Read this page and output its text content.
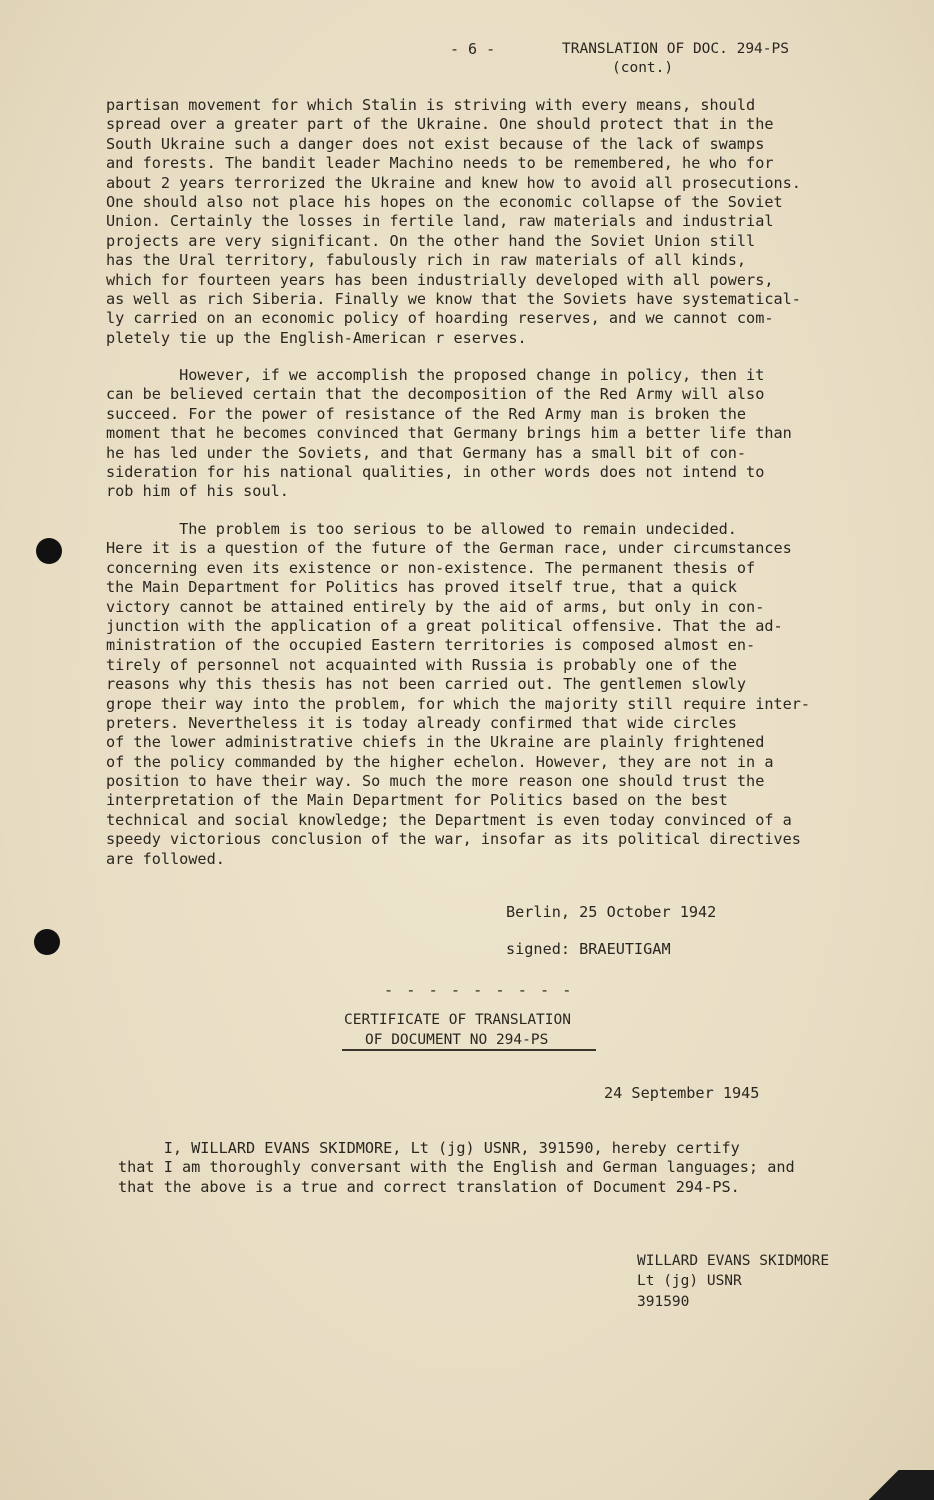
- 6 -	TRANSLATION OF DOC. 294-PS
(cont.)
partisan movement for which Stalin is striving with every means, should
spread over a greater part of the Ukraine. One should protect that in the
South Ukraine such a danger does not exist because of the lack of swamps
and forests. The bandit leader Machino needs to be remembered, he who for
about 2 years terrorized the Ukraine and knew how to avoid all prosecutions.
One should also not place his hopes on the economic collapse of the Soviet
Union. Certainly the losses in fertile land, raw materials and industrial
projects are very significant. On the other hand the Soviet Union still
has the Ural territory, fabulously rich in raw materials of all kinds,
which for fourteen years has been industrially developed with all powers,
as well as rich Siberia. Finally we know that the Soviets have systematical-
ly carried on an economic policy of hoarding reserves, and we cannot com-
pletely tie up the English-American r eserves.
However, if we accomplish the proposed change in policy, then it
can be believed certain that the decomposition of the Red Army will also
succeed. For the power of resistance of the Red Army man is broken the
moment that he becomes convinced that Germany brings him a better life than
he has led under the Soviets, and that Germany has a small bit of con-
sideration for his national qualities, in other words does not intend to
rob him of his soul.
The problem is too serious to be allowed to remain undecided.
Here it is a question of the future of the German race, under circumstances
concerning even its existence or non-existence. The permanent thesis of
the Main Department for Politics has proved itself true, that a quick
victory cannot be attained entirely by the aid of arms, but only in con-
junction with the application of a great political offensive. That the ad-
ministration of the occupied Eastern territories is composed almost en-
tirely of personnel not acquainted with Russia is probably one of the
reasons why this thesis has not been carried out. The gentlemen slowly
grope their way into the problem, for which the majority still require inter-
preters. Nevertheless it is today already confirmed that wide circles
of the lower administrative chiefs in the Ukraine are plainly frightened
of the policy commanded by the higher echelon. However, they are not in a
position to have their way. So much the more reason one should trust the
interpretation of the Main Department for Politics based on the best
technical and social knowledge; the Department is even today convinced of a
speedy victorious conclusion of the war, insofar as its political directives
are followed.
Berlin, 25 October 1942
signed: BRAEUTIGAM
- - - - - - - - -
CERTIFICATE OF TRANSLATION
OF DOCUMENT NO 294-PS
24 September 1945
I, WILLARD EVANS SKIDMORE, Lt (jg) USNR, 391590, hereby certify
that I am thoroughly conversant with the English and German languages; and
that the above is a true and correct translation of Document 294-PS.
WILLARD EVANS SKIDMORE
Lt (jg) USNR
391590
